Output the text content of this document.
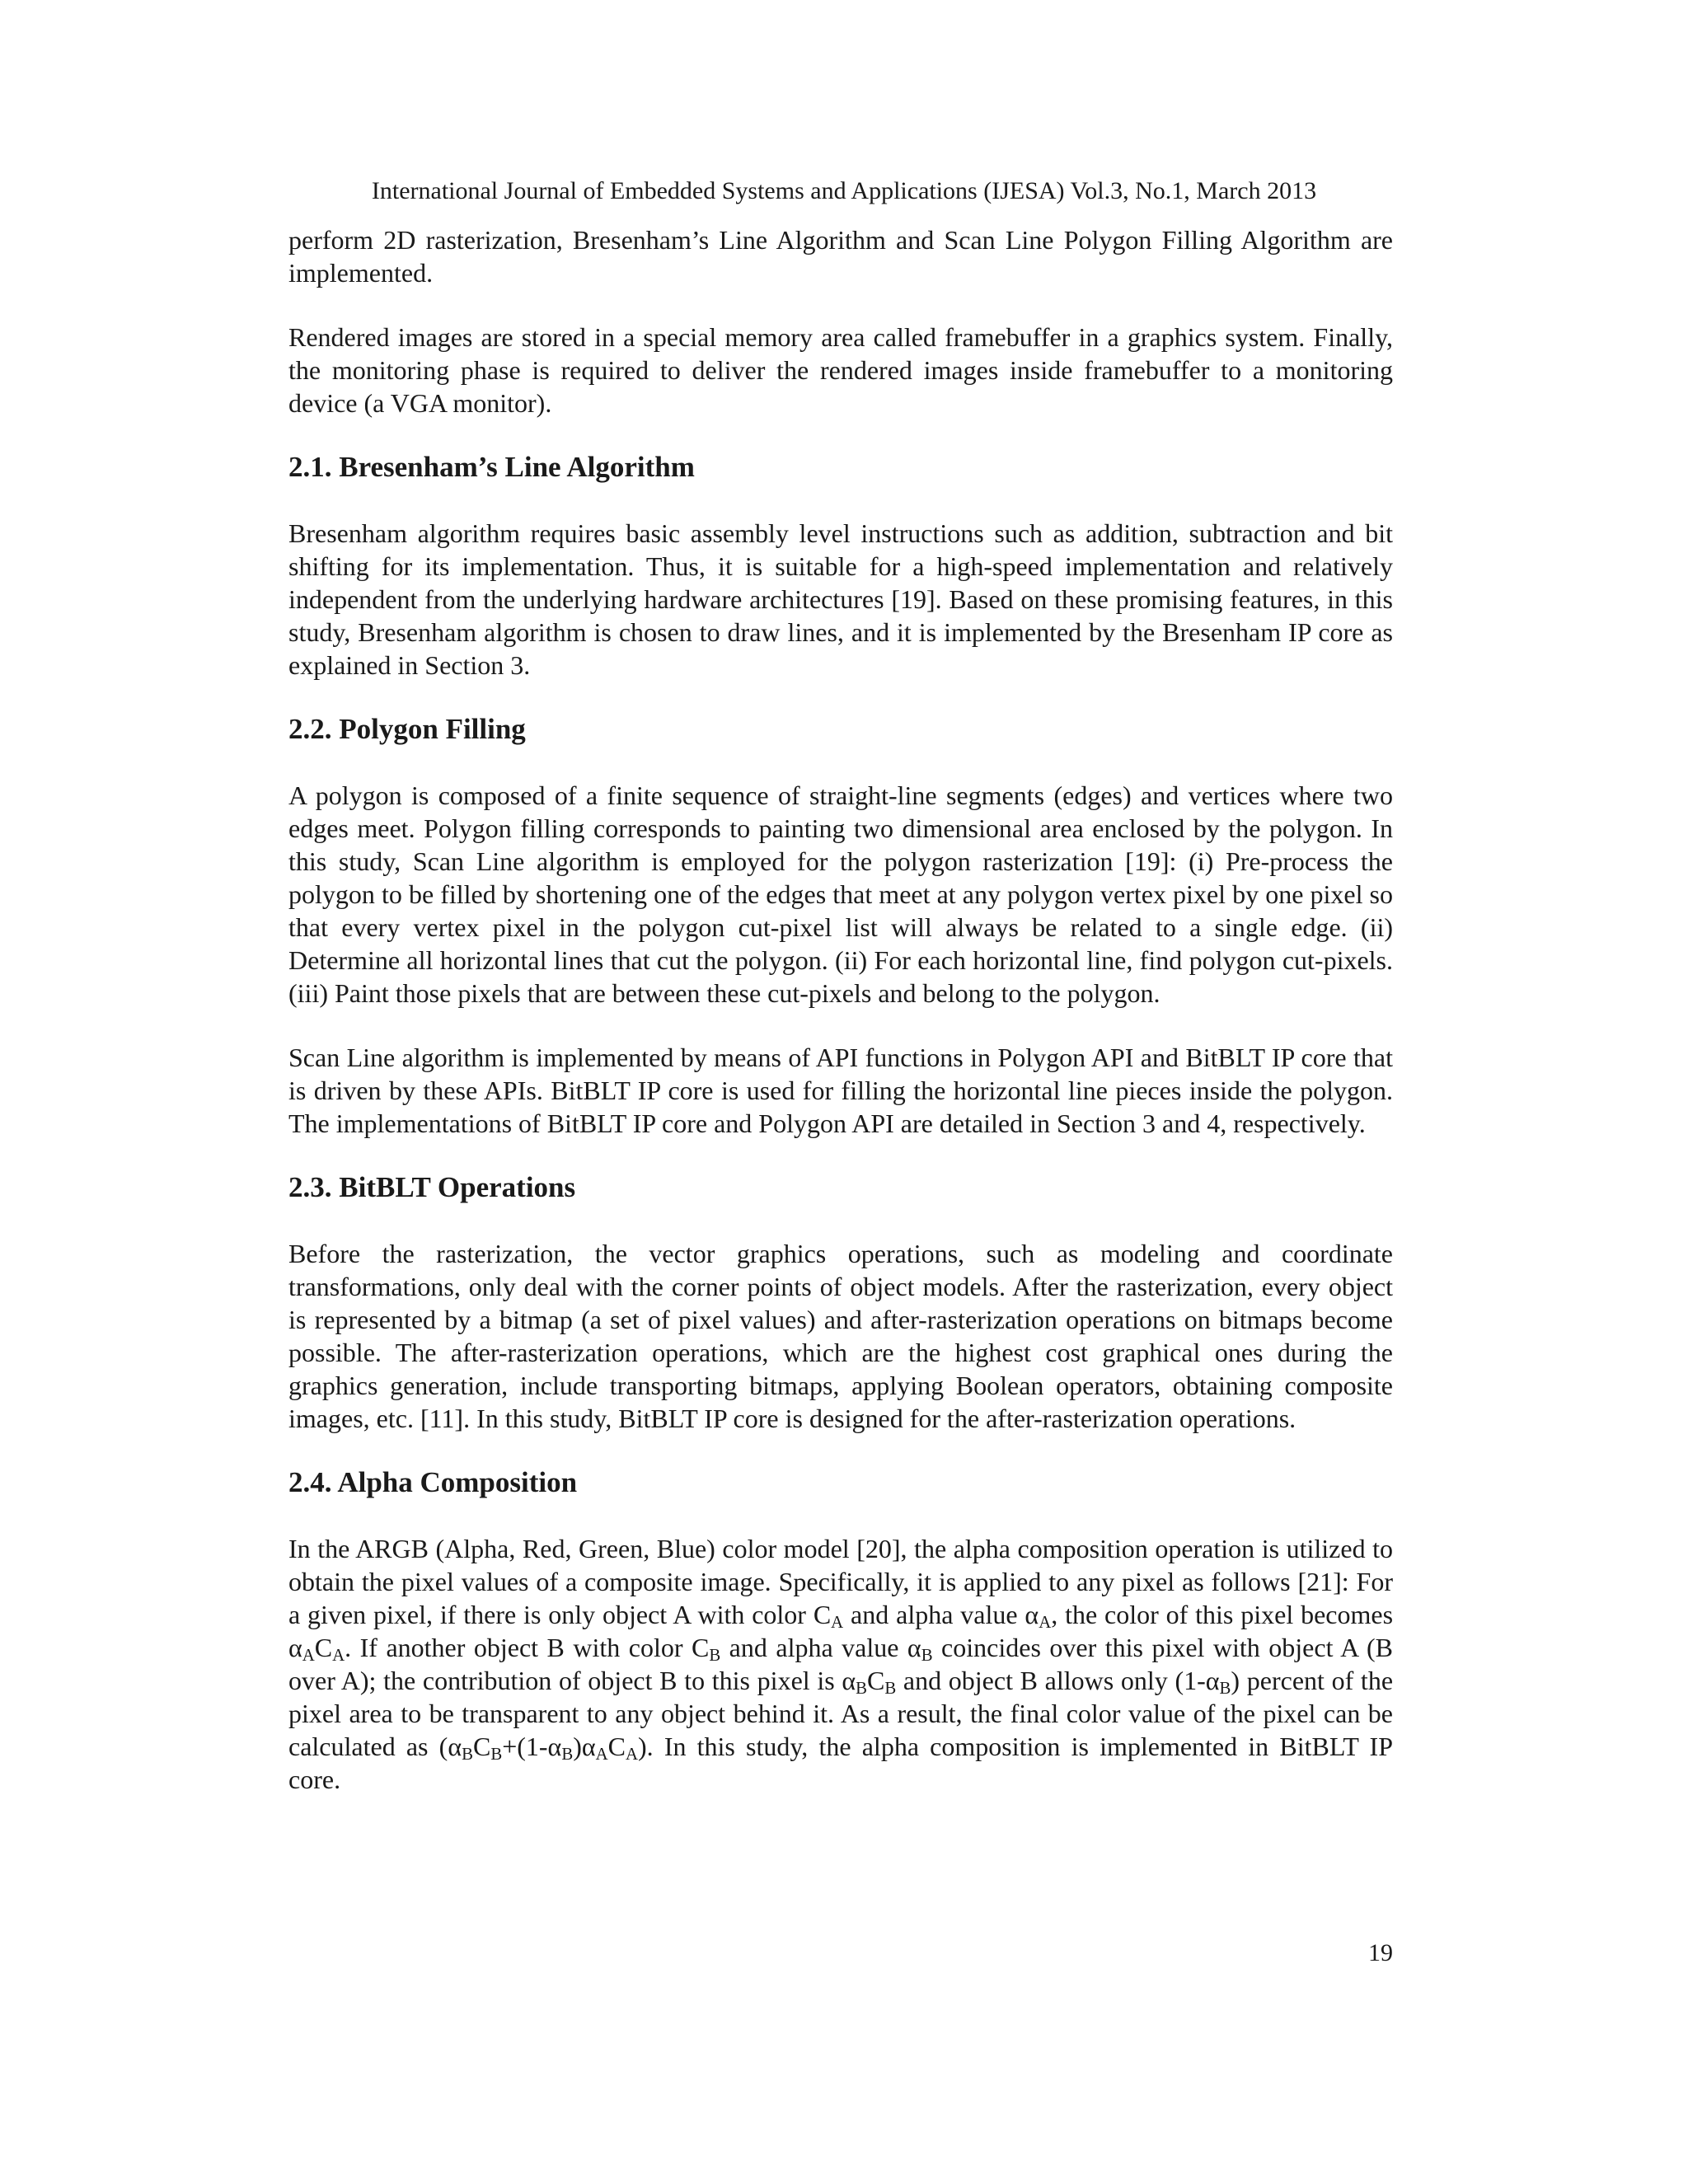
International Journal of Embedded Systems and Applications (IJESA) Vol.3, No.1, March 2013

perform 2D rasterization, Bresenham’s Line Algorithm and Scan Line Polygon Filling Algorithm are implemented.

Rendered images are stored in a special memory area called framebuffer in a graphics system. Finally, the monitoring phase is required to deliver the rendered images inside framebuffer to a monitoring device (a VGA monitor).

2.1. Bresenham’s Line Algorithm

Bresenham algorithm requires basic assembly level instructions such as addition, subtraction and bit shifting for its implementation. Thus, it is suitable for a high-speed implementation and relatively independent from the underlying hardware architectures [19]. Based on these promising features, in this study, Bresenham algorithm is chosen to draw lines, and it is implemented by the Bresenham IP core as explained in Section 3.

2.2. Polygon Filling

A polygon is composed of a finite sequence of straight-line segments (edges) and vertices where two edges meet. Polygon filling corresponds to painting two dimensional area enclosed by the polygon. In this study, Scan Line algorithm is employed for the polygon rasterization [19]: (i) Pre-process the polygon to be filled by shortening one of the edges that meet at any polygon vertex pixel by one pixel so that every vertex pixel in the polygon cut-pixel list will always be related to a single edge. (ii) Determine all horizontal lines that cut the polygon. (ii) For each horizontal line, find polygon cut-pixels. (iii) Paint those pixels that are between these cut-pixels and belong to the polygon.

Scan Line algorithm is implemented by means of API functions in Polygon API and BitBLT IP core that is driven by these APIs. BitBLT IP core is used for filling the horizontal line pieces inside the polygon. The implementations of BitBLT IP core and Polygon API are detailed in Section 3 and 4, respectively.

2.3. BitBLT Operations

Before the rasterization, the vector graphics operations, such as modeling and coordinate transformations, only deal with the corner points of object models. After the rasterization, every object is represented by a bitmap (a set of pixel values) and after-rasterization operations on bitmaps become possible. The after-rasterization operations, which are the highest cost graphical ones during the graphics generation, include transporting bitmaps, applying Boolean operators, obtaining composite images, etc. [11]. In this study, BitBLT IP core is designed for the after-rasterization operations.

2.4. Alpha Composition

In the ARGB (Alpha, Red, Green, Blue) color model [20], the alpha composition operation is utilized to obtain the pixel values of a composite image. Specifically, it is applied to any pixel as follows [21]: For a given pixel, if there is only object A with color $C_A$ and alpha value $\alpha_A$, the color of this pixel becomes $\alpha_AC_A$. If another object B with color $C_B$ and alpha value $\alpha_B$ coincides over this pixel with object A (B over A); the contribution of object B to this pixel is $\alpha_BC_B$ and object B allows only $(1-\alpha_B)$ percent of the pixel area to be transparent to any object behind it. As a result, the final color value of the pixel can be calculated as $(\alpha_BC_B+(1-\alpha_B)\alpha_AC_A)$. In this study, the alpha composition is implemented in BitBLT IP core.

19
